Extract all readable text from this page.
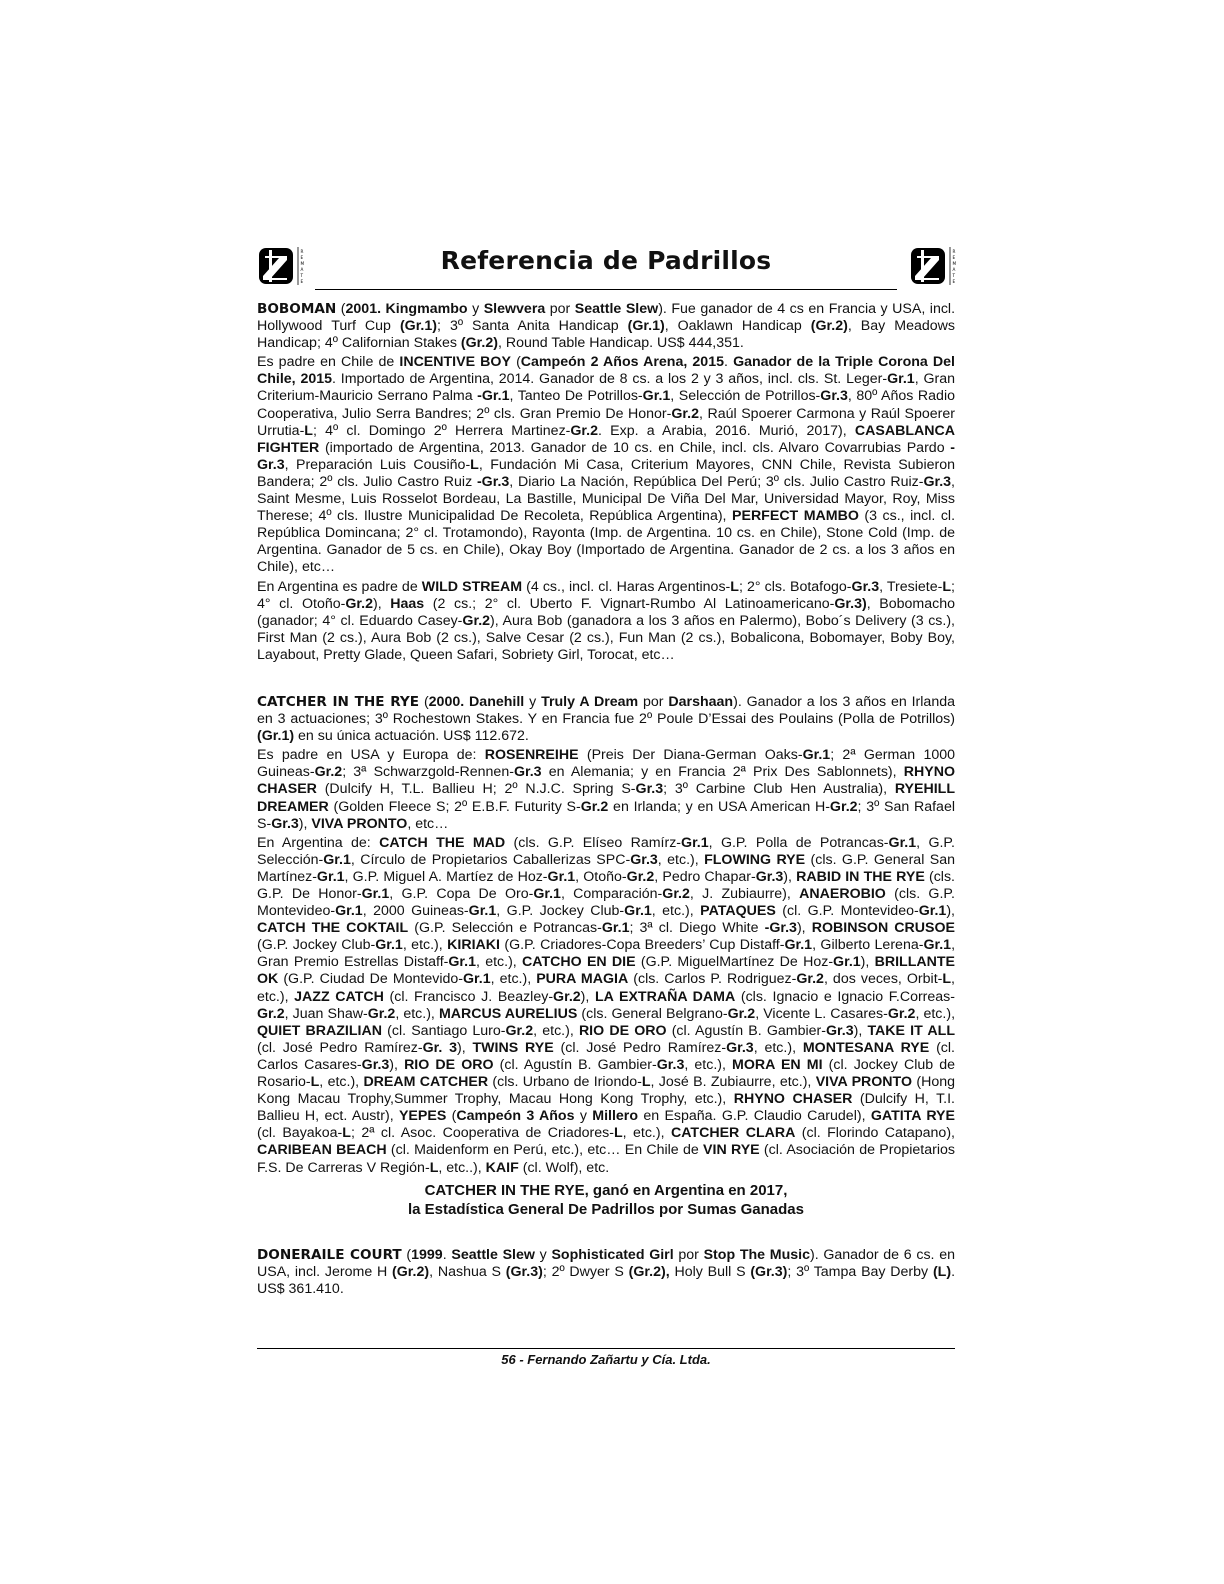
R
E
M
A
T
E
Referencia de Padrillos	R
E
M
A
T
E

BOBOMAN (2001. Kingmambo y Slewvera por Seattle Slew). Fue ganador de 4 cs en Francia y USA, incl. Hollywood Turf Cup (Gr.1); 3º Santa Anita Handicap (Gr.1), Oaklawn Handicap (Gr.2), Bay Meadows Handicap; 4º Californian Stakes (Gr.2), Round Table Handicap. US$ 444,351.

Es padre en Chile de INCENTIVE BOY (Campeón 2 Años Arena, 2015. Ganador de la Triple Corona Del Chile, 2015. Importado de Argentina, 2014. Ganador de 8 cs. a los 2 y 3 años, incl. cls. St. Leger-Gr.1, Gran Criterium-Mauricio Serrano Palma -Gr.1, Tanteo De Potrillos-Gr.1, Selección de Potrillos-Gr.3, 80º Años Radio Cooperativa, Julio Serra Bandres; 2º cls. Gran Premio De Honor-Gr.2, Raúl Spoerer Carmona y Raúl Spoerer Urrutia-L; 4º cl. Domingo 2º Herrera Martinez-Gr.2. Exp. a Arabia, 2016. Murió, 2017), CASABLANCA FIGHTER (importado de Argentina, 2013. Ganador de 10 cs. en Chile, incl. cls. Alvaro Covarrubias Pardo -Gr.3, Preparación Luis Cousiño-L, Fundación Mi Casa, Criterium Mayores, CNN Chile, Revista Subieron Bandera; 2º cls. Julio Castro Ruiz -Gr.3, Diario La Nación, República Del Perú; 3º cls. Julio Castro Ruiz-Gr.3, Saint Mesme, Luis Rosselot Bordeau, La Bastille, Municipal De Viña Del Mar, Universidad Mayor, Roy, Miss Therese; 4º cls. Ilustre Municipalidad De Recoleta, República Argentina), PERFECT MAMBO (3 cs., incl. cl. República Domincana; 2° cl. Trotamondo), Rayonta (Imp. de Argentina. 10 cs. en Chile), Stone Cold (Imp. de Argentina. Ganador de 5 cs. en Chile), Okay Boy (Importado de Argentina. Ganador de 2 cs. a los 3 años en Chile), etc…

En Argentina es padre de WILD STREAM (4 cs., incl. cl. Haras Argentinos-L; 2° cls. Botafogo-Gr.3, Tresiete-L; 4° cl. Otoño-Gr.2), Haas (2 cs.; 2° cl. Uberto F. Vignart-Rumbo Al Latinoamericano-Gr.3), Bobomacho (ganador; 4° cl. Eduardo Casey-Gr.2), Aura Bob (ganadora a los 3 años en Palermo), Bobo´s Delivery (3 cs.), First Man (2 cs.), Aura Bob (2 cs.), Salve Cesar (2 cs.), Fun Man (2 cs.), Bobalicona, Bobomayer, Boby Boy, Layabout, Pretty Glade, Queen Safari, Sobriety Girl, Torocat, etc…

CATCHER IN THE RYE (2000. Danehill y Truly A Dream por Darshaan). Ganador a los 3 años en Irlanda en 3 actuaciones; 3º Rochestown Stakes. Y en Francia fue 2º Poule D’Essai des Poulains (Polla de Potrillos) (Gr.1) en su única actuación. US$ 112.672.

Es padre en USA y Europa de: ROSENREIHE (Preis Der Diana-German Oaks-Gr.1; 2ª German 1000 Guineas-Gr.2; 3ª Schwarzgold-Rennen-Gr.3 en Alemania; y en Francia 2ª Prix Des Sablonnets), RHYNO CHASER (Dulcify H, T.L. Ballieu H; 2º N.J.C. Spring S-Gr.3; 3º Carbine Club Hen Australia), RYEHILL DREAMER (Golden Fleece S; 2º E.B.F. Futurity S-Gr.2 en Irlanda; y en USA American H-Gr.2; 3º San Rafael S-Gr.3), VIVA PRONTO, etc…

En Argentina de: CATCH THE MAD (cls. G.P. Elíseo Ramírz-Gr.1, G.P. Polla de Potrancas-Gr.1, G.P. Selección-Gr.1, Círculo de Propietarios Caballerizas SPC-Gr.3, etc.), FLOWING RYE (cls. G.P. General San Martínez-Gr.1, G.P. Miguel A. Martíez de Hoz-Gr.1, Otoño-Gr.2, Pedro Chapar-Gr.3), RABID IN THE RYE (cls. G.P. De Honor-Gr.1, G.P. Copa De Oro-Gr.1, Comparación-Gr.2, J. Zubiaurre), ANAEROBIO (cls. G.P. Montevideo-Gr.1, 2000 Guineas-Gr.1, G.P. Jockey Club-Gr.1, etc.), PATAQUES (cl. G.P. Montevideo-Gr.1), CATCH THE COKTAIL (G.P. Selección e Potrancas-Gr.1; 3ª cl. Diego White -Gr.3), ROBINSON CRUSOE (G.P. Jockey Club-Gr.1, etc.), KIRIAKI (G.P. Criadores-Copa Breeders’ Cup Distaff-Gr.1, Gilberto Lerena-Gr.1, Gran Premio Estrellas Distaff-Gr.1, etc.), CATCHO EN DIE (G.P. MiguelMartínez De Hoz-Gr.1), BRILLANTE OK (G.P. Ciudad De Montevido-Gr.1, etc.), PURA MAGIA (cls. Carlos P. Rodriguez-Gr.2, dos veces, Orbit-L, etc.), JAZZ CATCH (cl. Francisco J. Beazley-Gr.2), LA EXTRAÑA DAMA (cls. Ignacio e Ignacio F.Correas-Gr.2, Juan Shaw-Gr.2, etc.), MARCUS AURELIUS (cls. General Belgrano-Gr.2, Vicente L. Casares-Gr.2, etc.), QUIET BRAZILIAN (cl. Santiago Luro-Gr.2, etc.), RIO DE ORO (cl. Agustín B. Gambier-Gr.3), TAKE IT ALL (cl. José Pedro Ramírez-Gr. 3), TWINS RYE (cl. José Pedro Ramírez-Gr.3, etc.), MONTESANA RYE (cl. Carlos Casares-Gr.3), RIO DE ORO (cl. Agustín B. Gambier-Gr.3, etc.), MORA EN MI (cl. Jockey Club de Rosario-L, etc.), DREAM CATCHER (cls. Urbano de Iriondo-L, José B. Zubiaurre, etc.), VIVA PRONTO (Hong Kong Macau Trophy,Summer Trophy, Macau Hong Kong Trophy, etc.), RHYNO CHASER (Dulcify H, T.I. Ballieu H, ect. Austr), YEPES (Campeón 3 Años y Millero en España. G.P. Claudio Carudel), GATITA RYE (cl. Bayakoa-L; 2ª cl. Asoc. Cooperativa de Criadores-L, etc.), CATCHER CLARA (cl. Florindo Catapano), CARIBEAN BEACH (cl. Maidenform en Perú, etc.), etc… En Chile de VIN RYE (cl. Asociación de Propietarios F.S. De Carreras V Región-L, etc..), KAIF (cl. Wolf), etc.

CATCHER IN THE RYE, ganó en Argentina en 2017,
la Estadística General De Padrillos por Sumas Ganadas

DONERAILE COURT (1999. Seattle Slew y Sophisticated Girl por Stop The Music). Ganador de 6 cs. en USA, incl. Jerome H (Gr.2), Nashua S (Gr.3); 2º Dwyer S (Gr.2), Holy Bull S (Gr.3); 3º Tampa Bay Derby (L). US$ 361.410.

56 - Fernando Zañartu y Cía. Ltda.
